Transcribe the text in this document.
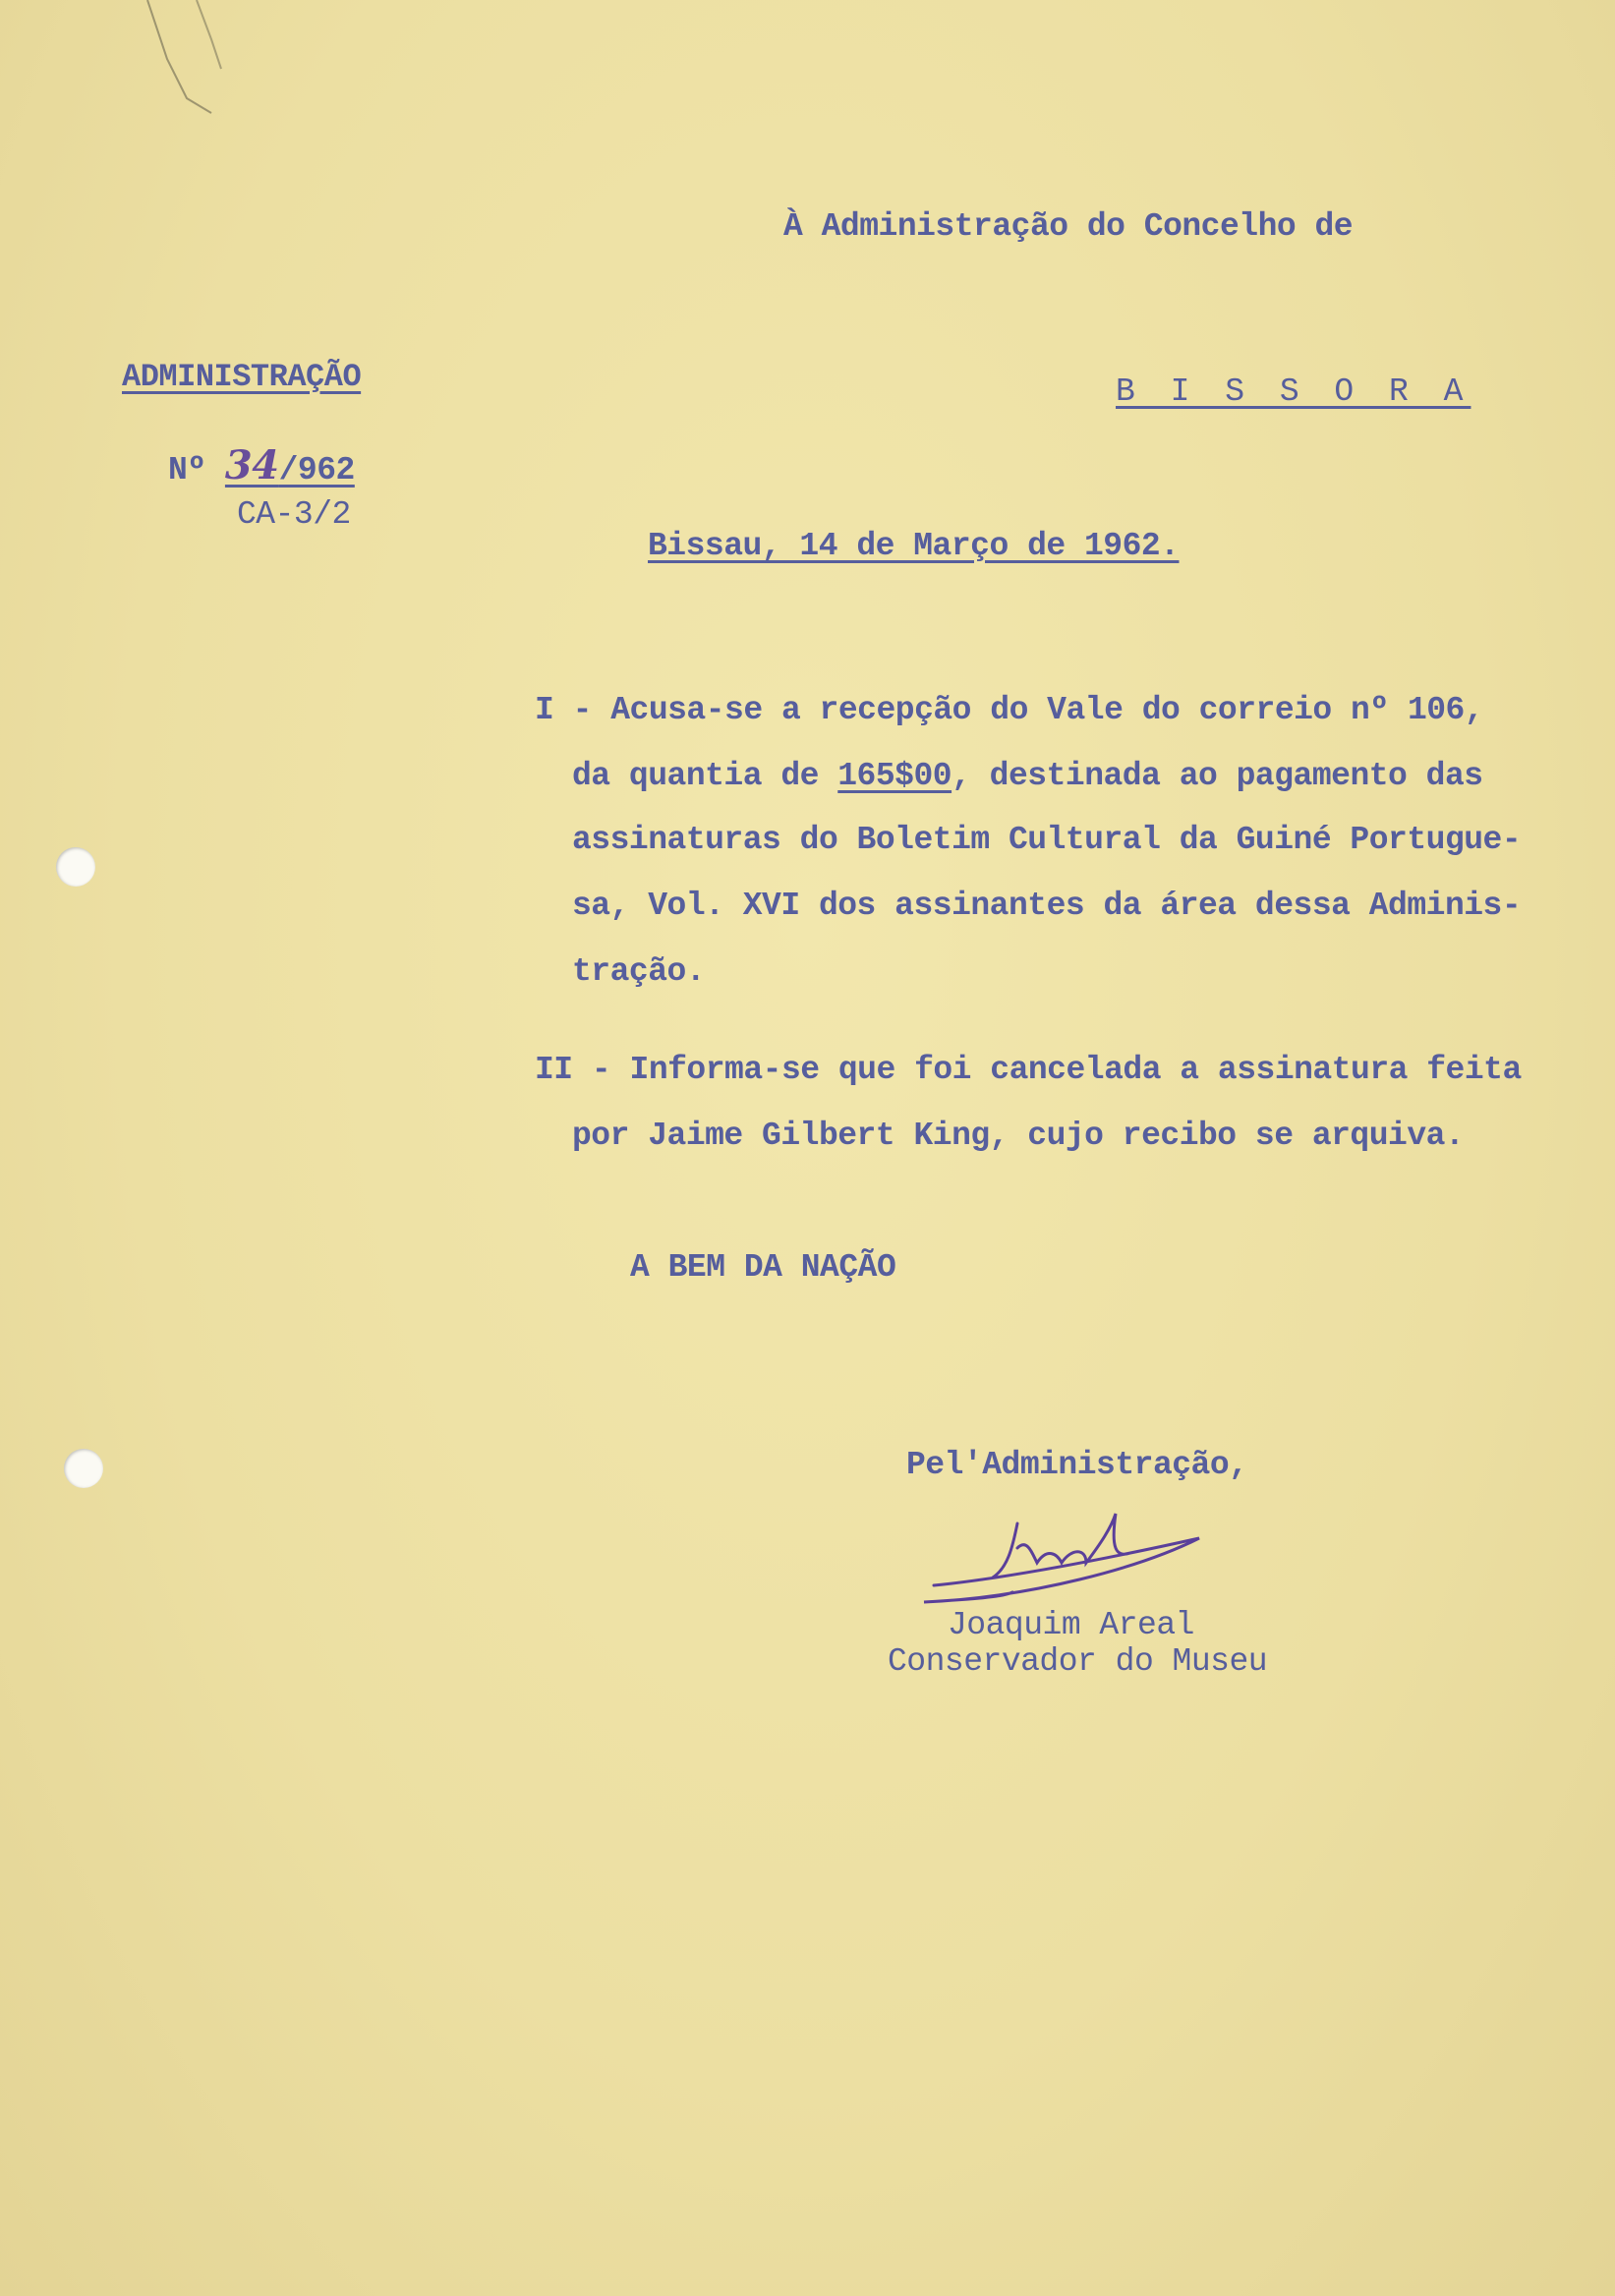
À Administração do Concelho de
ADMINISTRAÇÃO
Nº 34/962
CA-3/2
B I S S O R A
Bissau, 14 de Março de 1962.
I - Acusa-se a recepção do Vale do correio nº 106,
da quantia de 165$00, destinada ao pagamento das
assinaturas do Boletim Cultural da Guiné Portugue-
sa, Vol. XVI dos assinantes da área dessa Adminis-
tração.
II - Informa-se que foi cancelada a assinatura feita
por Jaime Gilbert King, cujo recibo se arquiva.
A BEM DA NAÇÃO
Pel'Administração,
Joaquim Areal
Conservador do Museu
